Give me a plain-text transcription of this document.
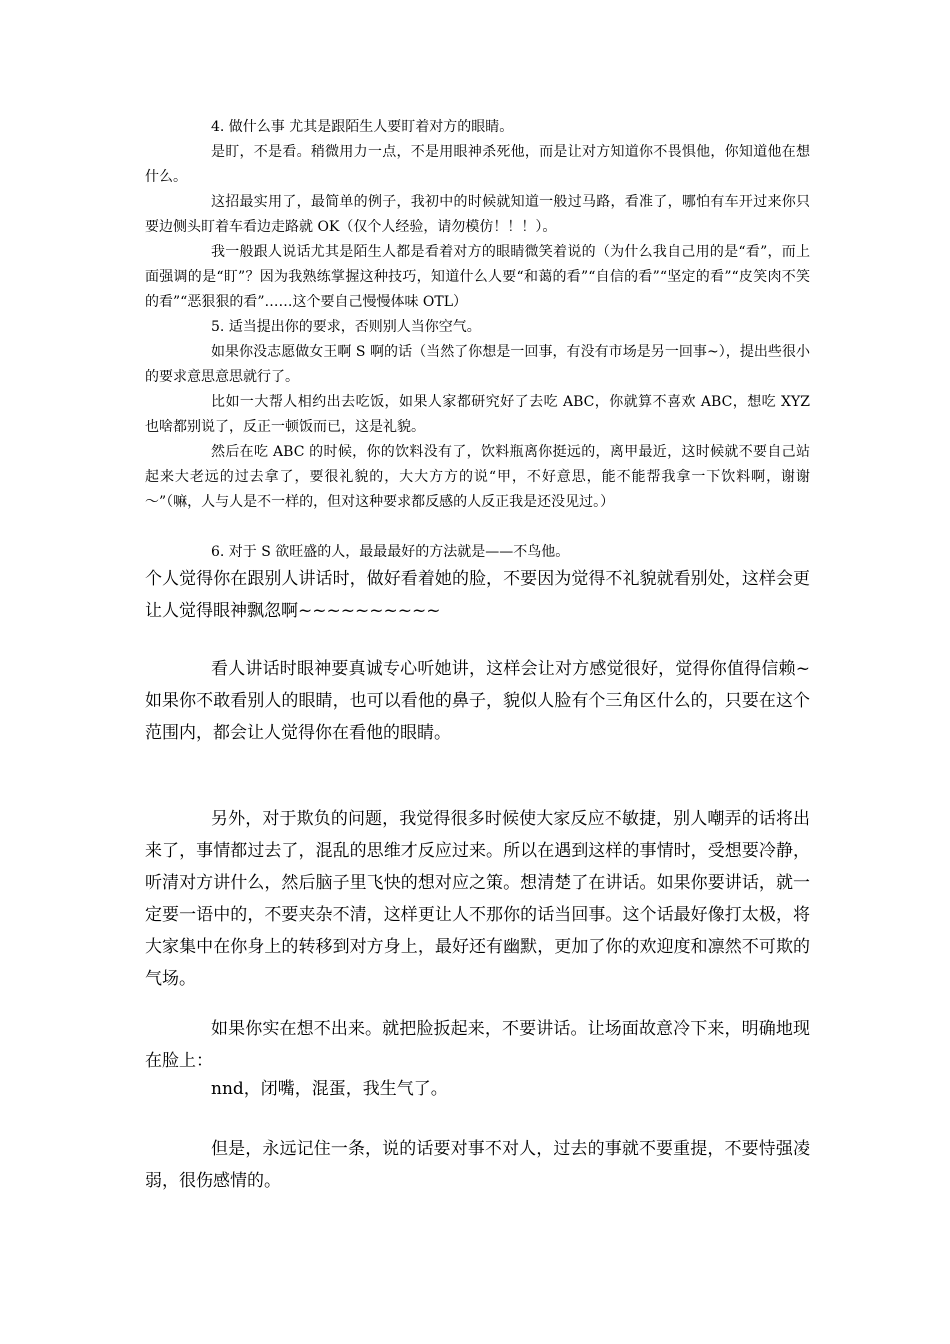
4. 做什么事 尤其是跟陌生人要盯着对方的眼睛。

是盯，不是看。稍微用力一点，不是用眼神杀死他，而是让对方知道你不畏惧他，你知道他在想什么。

这招最实用了，最简单的例子，我初中的时候就知道一般过马路，看准了，哪怕有车开过来你只要边侧头盯着车看边走路就 OK（仅个人经验，请勿模仿！！！）。

我一般跟人说话尤其是陌生人都是看着对方的眼睛微笑着说的（为什么我自己用的是“看”，而上面强调的是“盯”？因为我熟练掌握这种技巧，知道什么人要“和蔼的看”“自信的看”“坚定的看”“皮笑肉不笑的看”“恶狠狠的看”……这个要自己慢慢体味 OTL）

5. 适当提出你的要求，否则别人当你空气。

如果你没志愿做女王啊 S 啊的话（当然了你想是一回事，有没有市场是另一回事~），提出些很小的要求意思意思就行了。

比如一大帮人相约出去吃饭，如果人家都研究好了去吃 ABC，你就算不喜欢 ABC，想吃 XYZ 也啥都别说了，反正一顿饭而已，这是礼貌。

然后在吃 ABC 的时候，你的饮料没有了，饮料瓶离你挺远的，离甲最近，这时候就不要自己站起来大老远的过去拿了，要很礼貌的，大大方方的说“甲，不好意思，能不能帮我拿一下饮料啊，谢谢～”（嘛，人与人是不一样的，但对这种要求都反感的人反正我是还没见过。）

6. 对于 S 欲旺盛的人，最最最好的方法就是——不鸟他。

个人觉得你在跟别人讲话时，做好看着她的脸，不要因为觉得不礼貌就看别处，这样会更让人觉得眼神飘忽啊~~~~~~~~~~

看人讲话时眼神要真诚专心听她讲，这样会让对方感觉很好，觉得你值得信赖~ 如果你不敢看别人的眼睛，也可以看他的鼻子，貌似人脸有个三角区什么的，只要在这个范围内，都会让人觉得你在看他的眼睛。

另外，对于欺负的问题，我觉得很多时候使大家反应不敏捷，别人嘲弄的话将出来了，事情都过去了，混乱的思维才反应过来。所以在遇到这样的事情时，受想要冷静，听清对方讲什么，然后脑子里飞快的想对应之策。想清楚了在讲话。如果你要讲话，就一定要一语中的，不要夹杂不清，这样更让人不那你的话当回事。这个话最好像打太极，将大家集中在你身上的转移到对方身上，最好还有幽默，更加了你的欢迎度和凛然不可欺的气场。

如果你实在想不出来。就把脸扳起来，不要讲话。让场面故意冷下来，明确地现在脸上：

nnd，闭嘴，混蛋，我生气了。

但是，永远记住一条，说的话要对事不对人，过去的事就不要重提，不要恃强凌弱，很伤感情的。
